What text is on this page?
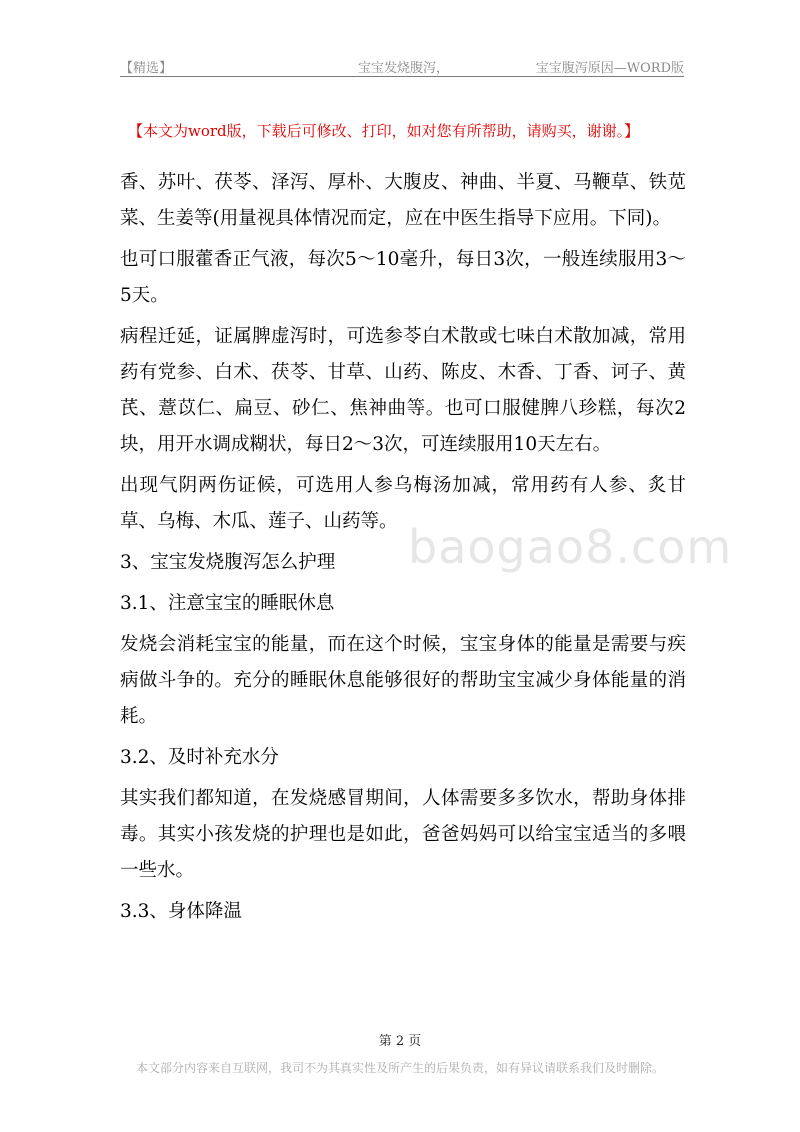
【精选】	宝宝发烧腹泻，	宝宝腹泻原因—WORD版
【本文为word版，下载后可修改、打印，如对您有所帮助，请购买，谢谢。】

香、苏叶、茯苓、泽泻、厚朴、大腹皮、神曲、半夏、马鞭草、铁苋菜、生姜等(用量视具体情况而定，应在中医生指导下应用。下同)。

也可口服藿香正气液，每次5～10毫升，每日3次，一般连续服用3～5天。

病程迁延，证属脾虚泻时，可选参苓白术散或七味白术散加减，常用药有党参、白术、茯苓、甘草、山药、陈皮、木香、丁香、诃子、黄芪、薏苡仁、扁豆、砂仁、焦神曲等。也可口服健脾八珍糕，每次2块，用开水调成糊状，每日2～3次，可连续服用10天左右。

出现气阴两伤证候，可选用人参乌梅汤加减，常用药有人参、炙甘草、乌梅、木瓜、莲子、山药等。

3、宝宝发烧腹泻怎么护理

3.1、注意宝宝的睡眠休息

发烧会消耗宝宝的能量，而在这个时候，宝宝身体的能量是需要与疾病做斗争的。充分的睡眠休息能够很好的帮助宝宝减少身体能量的消耗。

3.2、及时补充水分

其实我们都知道，在发烧感冒期间，人体需要多多饮水，帮助身体排毒。其实小孩发烧的护理也是如此，爸爸妈妈可以给宝宝适当的多喂一些水。

3.3、身体降温

baogao8.com
第 2 页
本文部分内容来自互联网，我司不为其真实性及所产生的后果负责，如有异议请联系我们及时删除。
